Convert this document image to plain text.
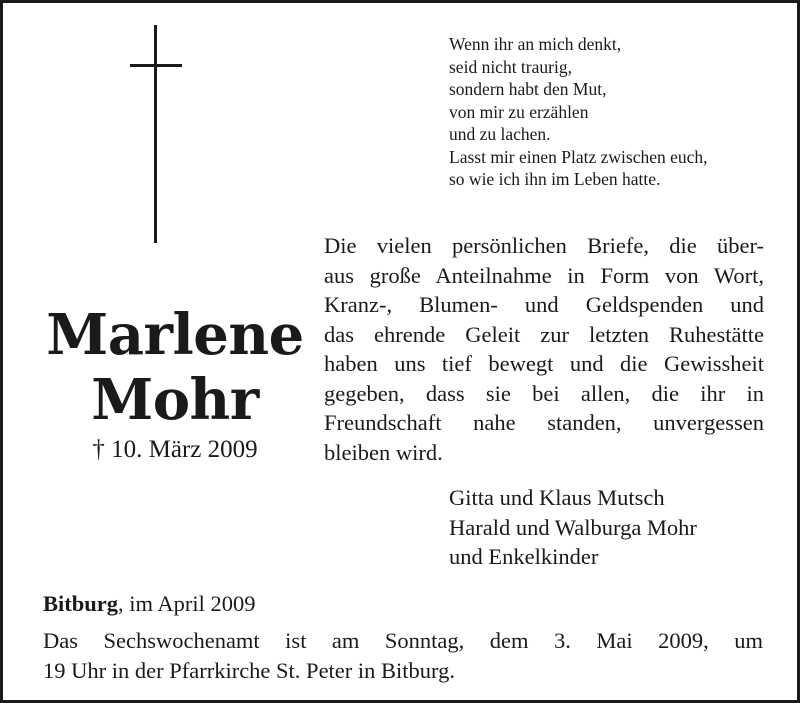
Wenn ihr an mich denkt,
seid nicht traurig,
sondern habt den Mut,
von mir zu erzählen
und zu lachen.
Lasst mir einen Platz zwischen euch,
so wie ich ihn im Leben hatte.
Marlene
Mohr
† 10. März 2009
Die vielen persönlichen Briefe, die über-
aus große Anteilnahme in Form von Wort,
Kranz-, Blumen- und Geldspenden und
das ehrende Geleit zur letzten Ruhestätte
haben uns tief bewegt und die Gewissheit
gegeben, dass sie bei allen, die ihr in
Freundschaft nahe standen, unvergessen
bleiben wird.
Gitta und Klaus Mutsch
Harald und Walburga Mohr
und Enkelkinder
Bitburg, im April 2009
Das Sechswochenamt ist am Sonntag, dem 3. Mai 2009, um
19 Uhr in der Pfarrkirche St. Peter in Bitburg.
